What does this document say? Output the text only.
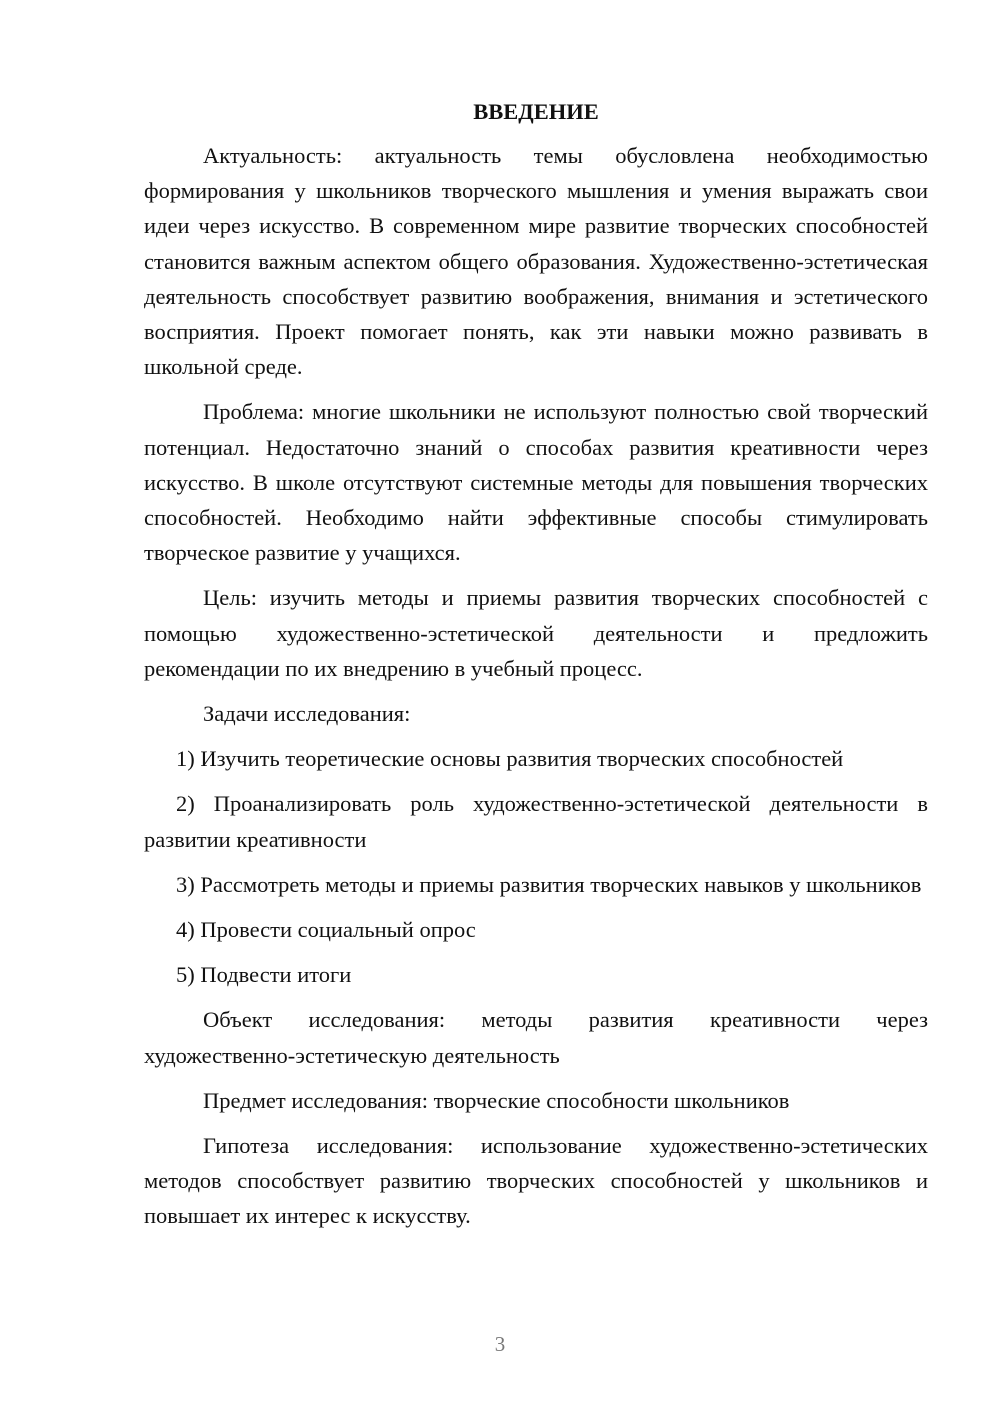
ВВЕДЕНИЕ

Актуальность: актуальность темы обусловлена необходимостью формирования у школьников творческого мышления и умения выражать свои идеи через искусство. В современном мире развитие творческих способностей становится важным аспектом общего образования. Художественно-эстетическая деятельность способствует развитию воображения, внимания и эстетического восприятия. Проект помогает понять, как эти навыки можно развивать в школьной среде.

Проблема: многие школьники не используют полностью свой творческий потенциал. Недостаточно знаний о способах развития креативности через искусство. В школе отсутствуют системные методы для повышения творческих способностей. Необходимо найти эффективные способы стимулировать творческое развитие у учащихся.

Цель: изучить методы и приемы развития творческих способностей с помощью художественно-эстетической деятельности и предложить рекомендации по их внедрению в учебный процесс.

Задачи исследования:

1) Изучить теоретические основы развития творческих способностей

2) Проанализировать роль художественно-эстетической деятельности в развитии креативности

3) Рассмотреть методы и приемы развития творческих навыков у школьников

4) Провести социальный опрос

5) Подвести итоги

Объект исследования: методы развития креативности через художественно-эстетическую деятельность

Предмет исследования: творческие способности школьников

Гипотеза исследования: использование художественно-эстетических методов способствует развитию творческих способностей у школьников и повышает их интерес к искусству.

3
